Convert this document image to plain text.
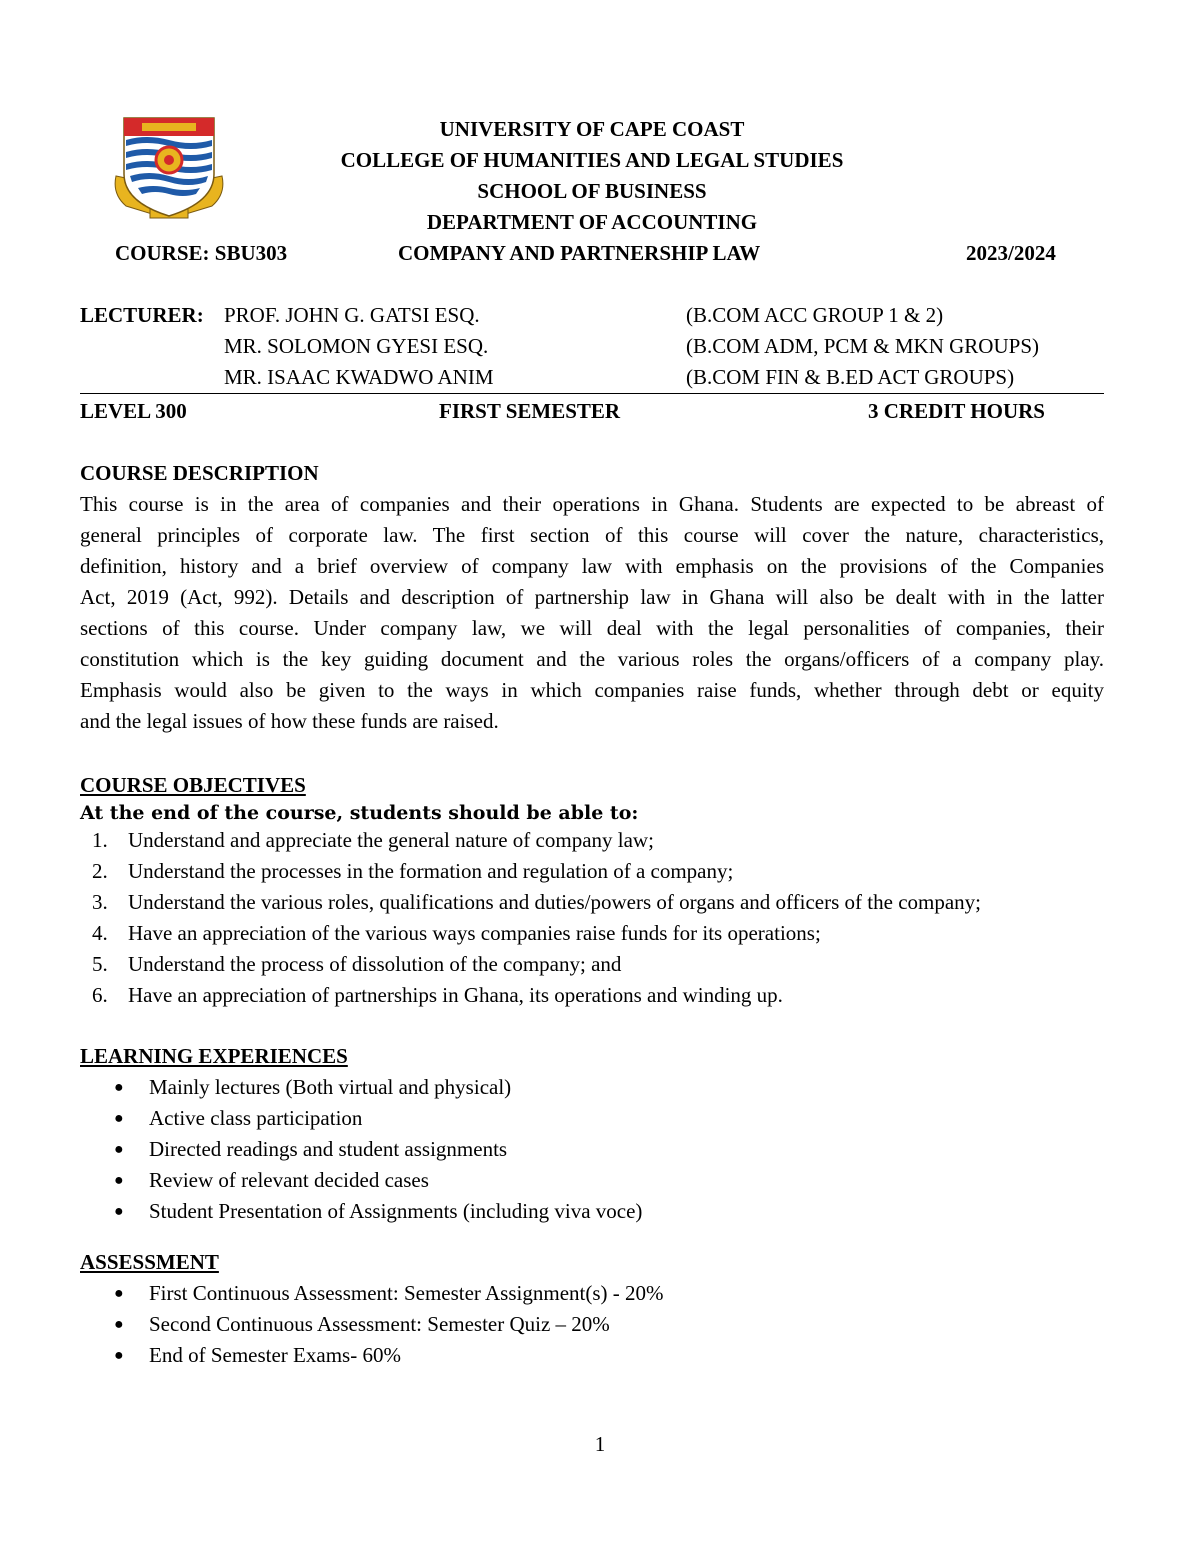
UNIVERSITY OF CAPE COAST
COLLEGE OF HUMANITIES AND LEGAL STUDIES
SCHOOL OF BUSINESS
DEPARTMENT OF ACCOUNTING
COURSE: SBU303	COMPANY AND PARTNERSHIP LAW	2023/2024
LECTURER: PROF. JOHN G. GATSI ESQ.	(B.COM ACC GROUP 1 & 2)
MR. SOLOMON GYESI ESQ.	(B.COM ADM, PCM & MKN GROUPS)
MR. ISAAC KWADWO ANIM	(B.COM FIN & B.ED ACT GROUPS)
LEVEL 300	FIRST SEMESTER	3 CREDIT HOURS
COURSE DESCRIPTION
This course is in the area of companies and their operations in Ghana. Students are expected to be abreast of
general principles of corporate law. The first section of this course will cover the nature, characteristics,
definition, history and a brief overview of company law with emphasis on the provisions of the Companies
Act, 2019 (Act, 992). Details and description of partnership law in Ghana will also be dealt with in the latter
sections of this course. Under company law, we will deal with the legal personalities of companies, their
constitution which is the key guiding document and the various roles the organs/officers of a company play.
Emphasis would also be given to the ways in which companies raise funds, whether through debt or equity
and the legal issues of how these funds are raised.
COURSE OBJECTIVES
At the end of the course, students should be able to:
1. Understand and appreciate the general nature of company law;
2. Understand the processes in the formation and regulation of a company;
3. Understand the various roles, qualifications and duties/powers of organs and officers of the company;
4. Have an appreciation of the various ways companies raise funds for its operations;
5. Understand the process of dissolution of the company; and
6. Have an appreciation of partnerships in Ghana, its operations and winding up.
LEARNING EXPERIENCES
● Mainly lectures (Both virtual and physical)
● Active class participation
● Directed readings and student assignments
● Review of relevant decided cases
● Student Presentation of Assignments (including viva voce)
ASSESSMENT
● First Continuous Assessment: Semester Assignment(s) - 20%
● Second Continuous Assessment: Semester Quiz – 20%
● End of Semester Exams- 60%
1
